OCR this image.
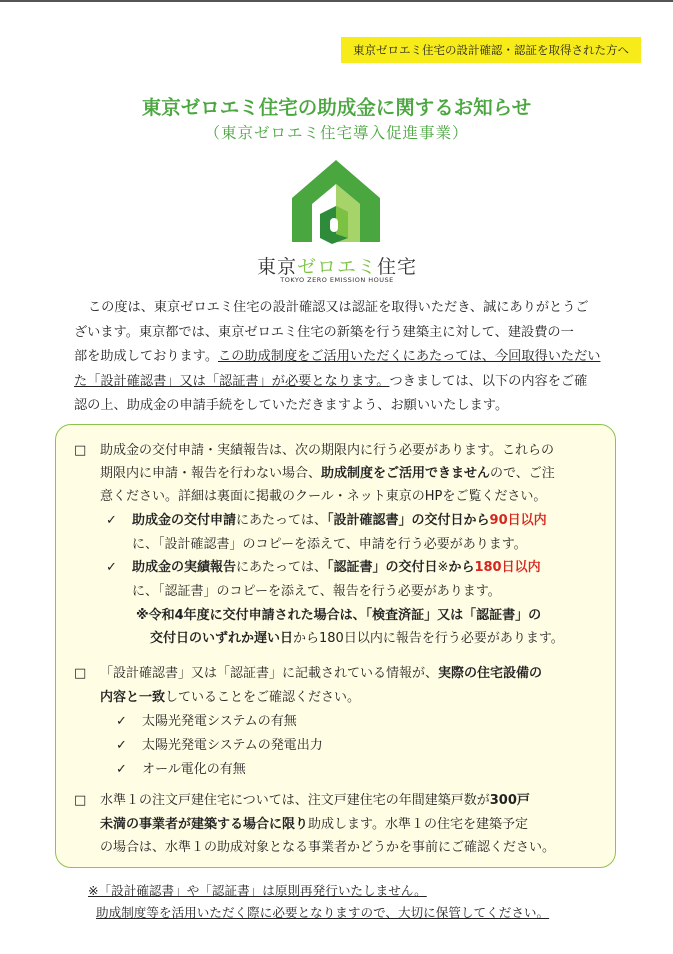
東京ゼロエミ住宅の設計確認・認証を取得された方へ
東京ゼロエミ住宅の助成金に関するお知らせ
（東京ゼロエミ住宅導入促進事業）
東京ゼロエミ住宅
TOKYO ZERO EMISSION HOUSE
この度は、東京ゼロエミ住宅の設計確認又は認証を取得いただき、誠にありがとうご
ざいます。東京都では、東京ゼロエミ住宅の新築を行う建築主に対して、建設費の一
部を助成しております。この助成制度をご活用いただくにあたっては、今回取得いただい
た「設計確認書」又は「認証書」が必要となります。つきましては、以下の内容をご確
認の上、助成金の申請手続をしていただきますよう、お願いいたします。
□ 助成金の交付申請・実績報告は、次の期限内に行う必要があります。これらの
期限内に申請・報告を行わない場合、助成制度をご活用できませんので、ご注
意ください。詳細は裏面に掲載のクール・ネット東京のHPをご覧ください。
✓ 助成金の交付申請にあたっては、「設計確認書」の交付日から90日以内
に、「設計確認書」のコピーを添えて、申請を行う必要があります。
✓ 助成金の実績報告にあたっては、「認証書」の交付日※から180日以内
に、「認証書」のコピーを添えて、報告を行う必要があります。
※令和4年度に交付申請された場合は、「検査済証」又は「認証書」の
交付日のいずれか遅い日から180日以内に報告を行う必要があります。
□ 「設計確認書」又は「認証書」に記載されている情報が、実際の住宅設備の
内容と一致していることをご確認ください。
✓ 太陽光発電システムの有無
✓ 太陽光発電システムの発電出力
✓ オール電化の有無
□ 水準１の注文戸建住宅については、注文戸建住宅の年間建築戸数が300戸
未満の事業者が建築する場合に限り助成します。水準１の住宅を建築予定
の場合は、水準１の助成対象となる事業者かどうかを事前にご確認ください。
※「設計確認書」や「認証書」は原則再発行いたしません。
助成制度等を活用いただく際に必要となりますので、大切に保管してください。
